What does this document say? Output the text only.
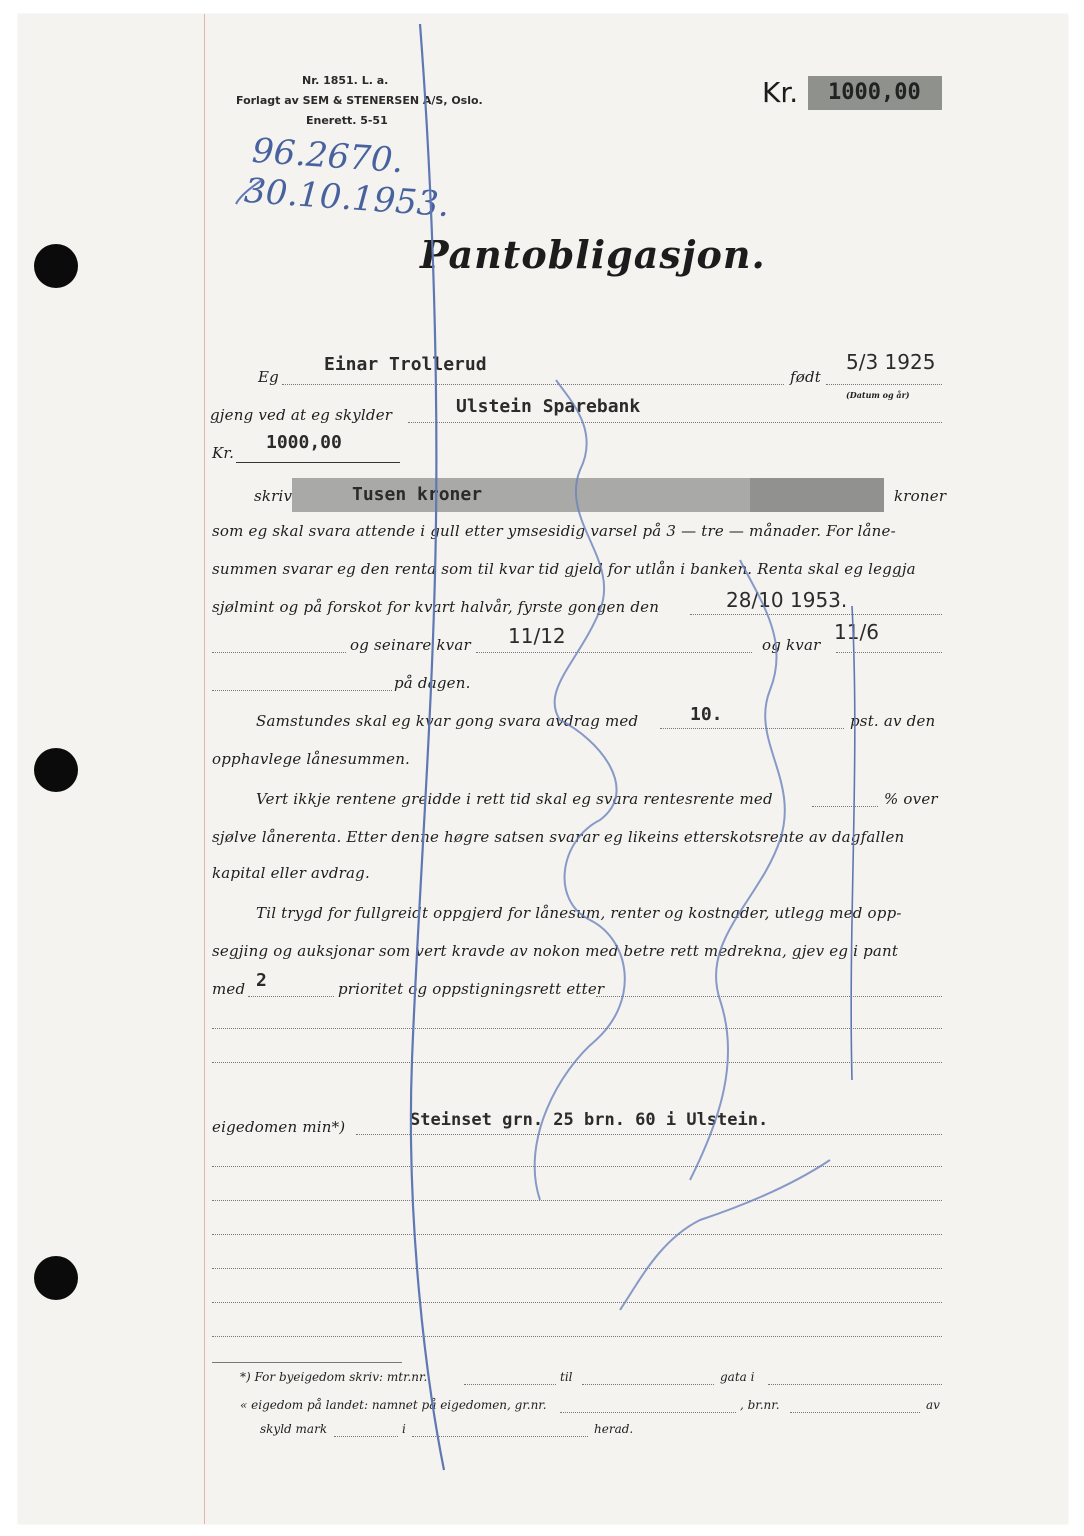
Nr. 1851. L. a.
Forlagt av SEM & STENERSEN A/S, Oslo.
Enerett. 5-51
Kr. 1000,00
96.2670.
30.10.1953.
Pantobligasjon.
Eg
Einar Trollerud
født
5/3 1925
(Datum og år)
gjeng ved at eg skylder	Ulstein Sparebank
Kr. 1000,00
skriv	Tusen kroner	kroner
som eg skal svara attende i gull etter ymsesidig varsel på 3 — tre — månader. For låne-
summen svarar eg den renta som til kvar tid gjeld for utlån i banken. Renta skal eg leggja
sjølmint og på forskot for kvart halvår, fyrste gongen den	28/10 1953.
og seinare kvar 11/12	og kvar
11/6
på dagen.
Samstundes skal eg kvar gong svara avdrag med	10.	pst. av den
opphavlege lånesummen.
Vert ikkje rentene greidde i rett tid skal eg svara rentesrente med	% over
sjølve lånerenta. Etter denne høgre satsen svarar eg likeins etterskotsrente av dagfallen
kapital eller avdrag.
Til trygd for fullgreidt oppgjerd for lånesum, renter og kostnader, utlegg med opp-
segjing og auksjonar som vert kravde av nokon med betre rett medrekna, gjev eg i pant
med 2	prioritet og oppstigningsrett etter
eigedomen min*)	Steinset grn. 25 brn. 60 i Ulstein.
*) For byeigedom skriv: mtr.nr.	til	gata i
« eigedom på landet: namnet på eigedomen, gr.nr.	, br.nr.	av
skyld mark	i	herad.
